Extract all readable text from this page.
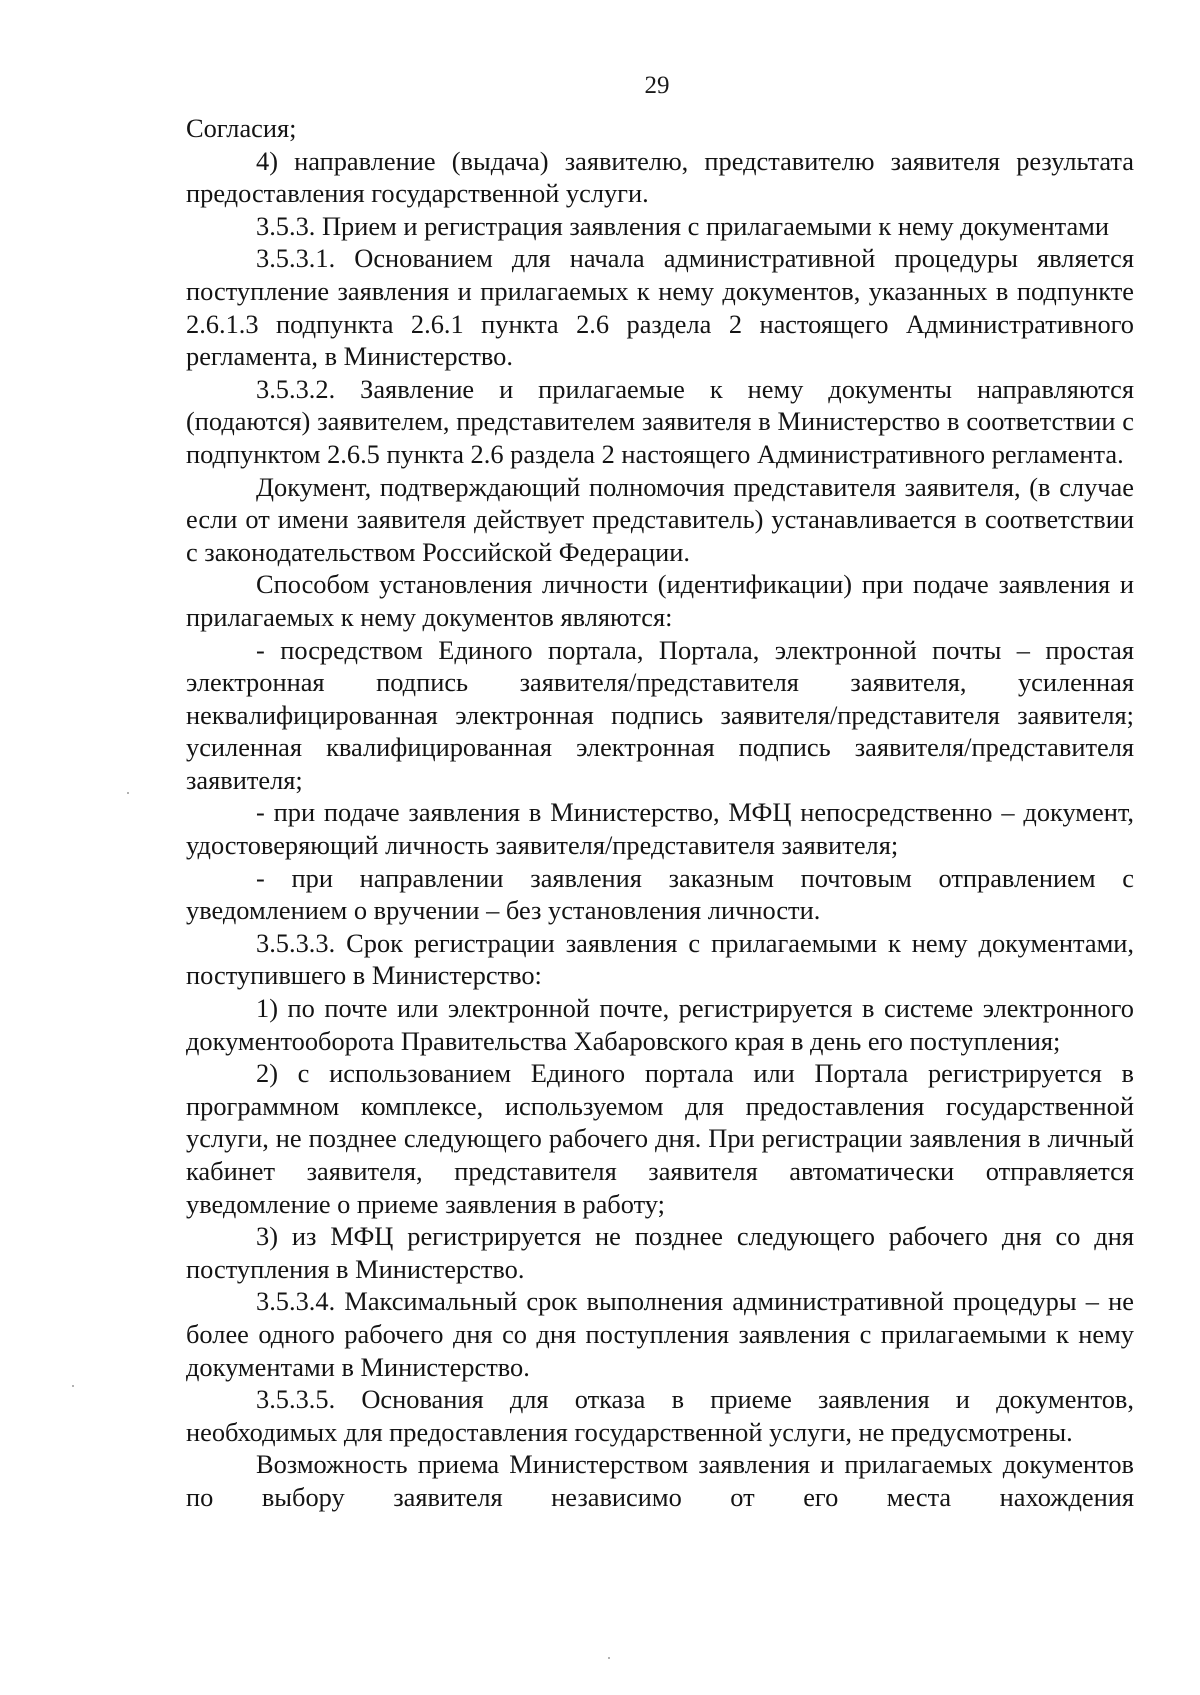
29

Согласия;

4) направление (выдача) заявителю, представителю заявителя результата предоставления государственной услуги.

3.5.3. Прием и регистрация заявления с прилагаемыми к нему документами

3.5.3.1. Основанием для начала административной процедуры является поступление заявления и прилагаемых к нему документов, указанных в подпункте 2.6.1.3 подпункта 2.6.1 пункта 2.6 раздела 2 настоящего Административного регламента, в Министерство.

3.5.3.2. Заявление и прилагаемые к нему документы направляются (подаются) заявителем, представителем заявителя в Министерство в соответствии с подпунктом 2.6.5 пункта 2.6 раздела 2 настоящего Административного регламента.

Документ, подтверждающий полномочия представителя заявителя, (в случае если от имени заявителя действует представитель) устанавливается в соответствии с законодательством Российской Федерации.

Способом установления личности (идентификации) при подаче заявления и прилагаемых к нему документов являются:

- посредством Единого портала, Портала, электронной почты – простая электронная подпись заявителя/представителя заявителя, усиленная неквалифицированная электронная подпись заявителя/представителя заявителя; усиленная квалифицированная электронная подпись заявителя/представителя заявителя;

- при подаче заявления в Министерство, МФЦ непосредственно – документ, удостоверяющий личность заявителя/представителя заявителя;

- при направлении заявления заказным почтовым отправлением с уведомлением о вручении – без установления личности.

3.5.3.3. Срок регистрации заявления с прилагаемыми к нему документами, поступившего в Министерство:

1) по почте или электронной почте, регистрируется в системе электронного документооборота Правительства Хабаровского края в день его поступления;

2) с использованием Единого портала или Портала регистрируется в программном комплексе, используемом для предоставления государственной услуги, не позднее следующего рабочего дня. При регистрации заявления в личный кабинет заявителя, представителя заявителя автоматически отправляется уведомление о приеме заявления в работу;

3) из МФЦ регистрируется не позднее следующего рабочего дня со дня поступления в Министерство.

3.5.3.4. Максимальный срок выполнения административной процедуры – не более одного рабочего дня со дня поступления заявления с прилагаемыми к нему документами в Министерство.

3.5.3.5. Основания для отказа в приеме заявления и документов, необходимых для предоставления государственной услуги, не предусмотрены.

Возможность приема Министерством заявления и прилагаемых документов по выбору заявителя независимо от его места нахождения
